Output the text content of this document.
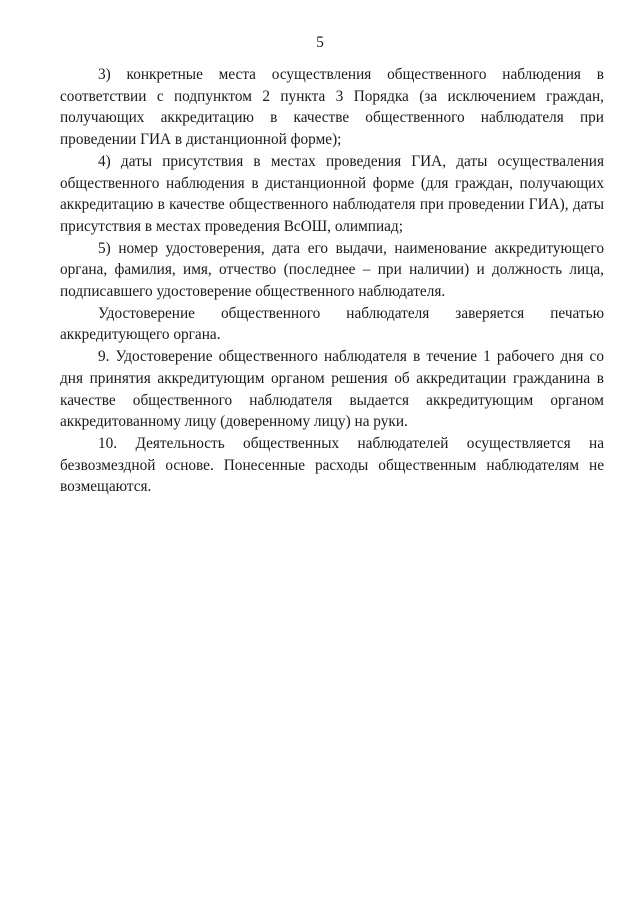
5

3) конкретные места осуществления общественного наблюдения в соответствии с подпунктом 2 пункта 3 Порядка (за исключением граждан, получающих аккредитацию в качестве общественного наблюдателя при проведении ГИА в дистанционной форме);

4) даты присутствия в местах проведения ГИА, даты осуществаления общественного наблюдения в дистанционной форме (для граждан, получающих аккредитацию в качестве общественного наблюдателя при проведении ГИА), даты присутствия в местах проведения ВсОШ, олимпиад;

5) номер удостоверения, дата его выдачи, наименование аккредитующего органа, фамилия, имя, отчество (последнее – при наличии) и должность лица, подписавшего удостоверение общественного наблюдателя.

Удостоверение общественного наблюдателя заверяется печатью аккредитующего органа.

9. Удостоверение общественного наблюдателя в течение 1 рабочего дня со дня принятия аккредитующим органом решения об аккредитации гражданина в качестве общественного наблюдателя выдается аккредитующим органом аккредитованному лицу (доверенному лицу) на руки.

10. Деятельность общественных наблюдателей осуществляется на безвозмездной основе. Понесенные расходы общественным наблюдателям не возмещаются.
